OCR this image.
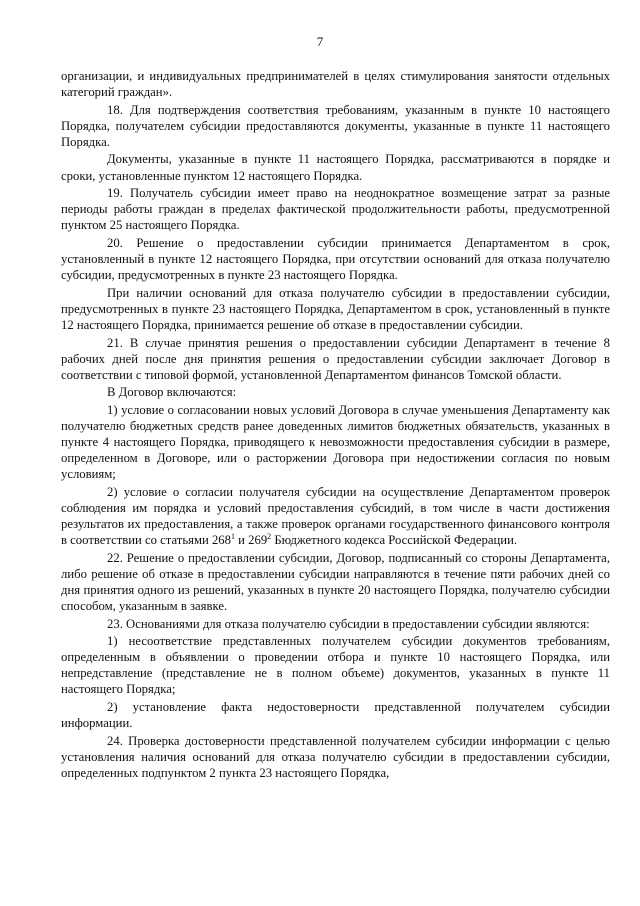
7

организации, и индивидуальных предпринимателей в целях стимулирования занятости отдельных категорий граждан».

18. Для подтверждения соответствия требованиям, указанным в пункте 10 настоящего Порядка, получателем субсидии предоставляются документы, указанные в пункте 11 настоящего Порядка.

Документы, указанные в пункте 11 настоящего Порядка, рассматриваются в порядке и сроки, установленные пунктом 12 настоящего Порядка.

19. Получатель субсидии имеет право на неоднократное возмещение затрат за разные периоды работы граждан в пределах фактической продолжительности работы, предусмотренной пунктом 25 настоящего Порядка.

20. Решение о предоставлении субсидии принимается Департаментом в срок, установленный в пункте 12 настоящего Порядка, при отсутствии оснований для отказа получателю субсидии, предусмотренных в пункте 23 настоящего Порядка.

При наличии оснований для отказа получателю субсидии в предоставлении субсидии, предусмотренных в пункте 23 настоящего Порядка, Департаментом в срок, установленный в пункте 12 настоящего Порядка, принимается решение об отказе в предоставлении субсидии.

21. В случае принятия решения о предоставлении субсидии Департамент в течение 8 рабочих дней после дня принятия решения о предоставлении субсидии заключает Договор в соответствии с типовой формой, установленной Департаментом финансов Томской области.

В Договор включаются:

1) условие о согласовании новых условий Договора в случае уменьшения Департаменту как получателю бюджетных средств ранее доведенных лимитов бюджетных обязательств, указанных в пункте 4 настоящего Порядка, приводящего к невозможности предоставления субсидии в размере, определенном в Договоре, или о расторжении Договора при недостижении согласия по новым условиям;

2) условие о согласии получателя субсидии на осуществление Департаментом проверок соблюдения им порядка и условий предоставления субсидий, в том числе в части достижения результатов их предоставления, а также проверок органами государственного финансового контроля в соответствии со статьями $268^1$ и $269^2$ Бюджетного кодекса Российской Федерации.

22. Решение о предоставлении субсидии, Договор, подписанный со стороны Департамента, либо решение об отказе в предоставлении субсидии направляются в течение пяти рабочих дней со дня принятия одного из решений, указанных в пункте 20 настоящего Порядка, получателю субсидии способом, указанным в заявке.

23. Основаниями для отказа получателю субсидии в предоставлении субсидии являются:

1) несоответствие представленных получателем субсидии документов требованиям, определенным в объявлении о проведении отбора и пункте 10 настоящего Порядка, или непредставление (представление не в полном объеме) документов, указанных в пункте 11 настоящего Порядка;

2) установление факта недостоверности представленной получателем субсидии информации.

24. Проверка достоверности представленной получателем субсидии информации с целью установления наличия оснований для отказа получателю субсидии в предоставлении субсидии, определенных подпунктом 2 пункта 23 настоящего Порядка,
